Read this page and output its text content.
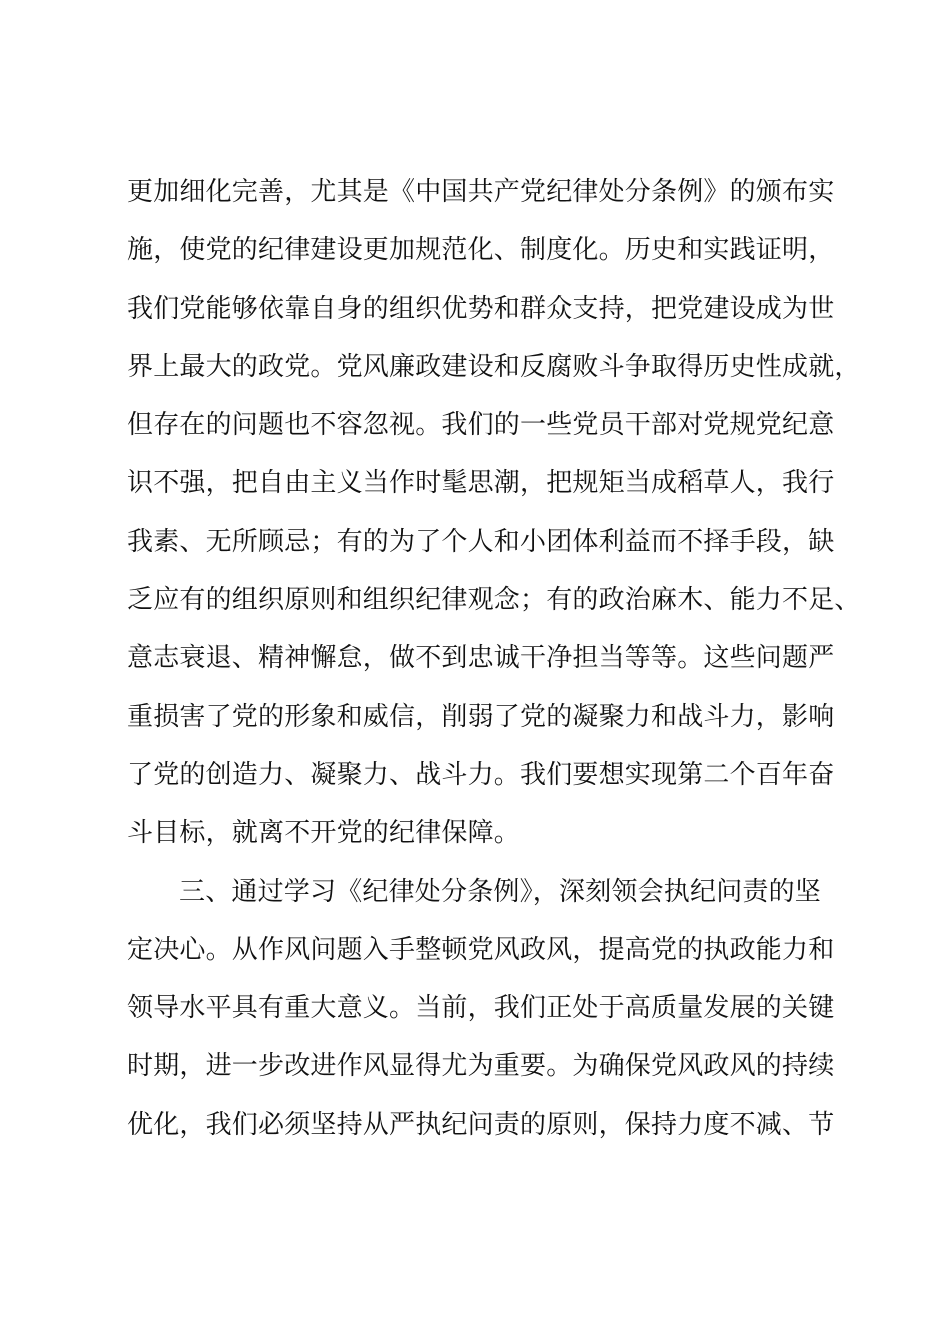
更加细化完善，尤其是《中国共产党纪律处分条例》的颁布实
施，使党的纪律建设更加规范化、制度化。历史和实践证明，
我们党能够依靠自身的组织优势和群众支持，把党建设成为世
界上最大的政党。党风廉政建设和反腐败斗争取得历史性成就，
但存在的问题也不容忽视。我们的一些党员干部对党规党纪意
识不强，把自由主义当作时髦思潮，把规矩当成稻草人，我行
我素、无所顾忌；有的为了个人和小团体利益而不择手段，缺
乏应有的组织原则和组织纪律观念；有的政治麻木、能力不足、
意志衰退、精神懈怠，做不到忠诚干净担当等等。这些问题严
重损害了党的形象和威信，削弱了党的凝聚力和战斗力，影响
了党的创造力、凝聚力、战斗力。我们要想实现第二个百年奋
斗目标，就离不开党的纪律保障。
三、通过学习《纪律处分条例》，深刻领会执纪问责的坚
定决心。从作风问题入手整顿党风政风，提高党的执政能力和
领导水平具有重大意义。当前，我们正处于高质量发展的关键
时期，进一步改进作风显得尤为重要。为确保党风政风的持续
优化，我们必须坚持从严执纪问责的原则，保持力度不减、节
